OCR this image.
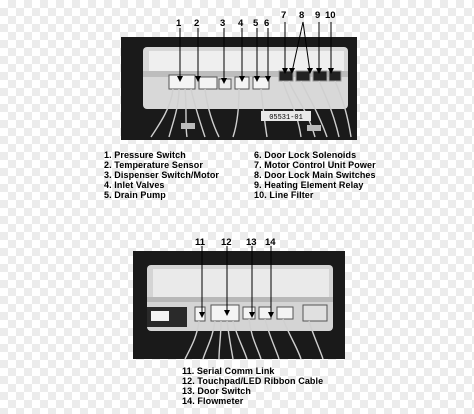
05531-01
1 2 3 4 5 6
7 8 9 10
1. Pressure Switch
2. Temperature Sensor
3. Dispenser Switch/Motor
4. Inlet Valves
5. Drain Pump
6. Door Lock Solenoids
7. Motor Control Unit Power
8. Door Lock Main Switches
9. Heating Element Relay
10. Line Filter
11 12 13 14
11. Serial Comm Link
12. Touchpad/LED Ribbon Cable
13. Door Switch
14. Flowmeter
